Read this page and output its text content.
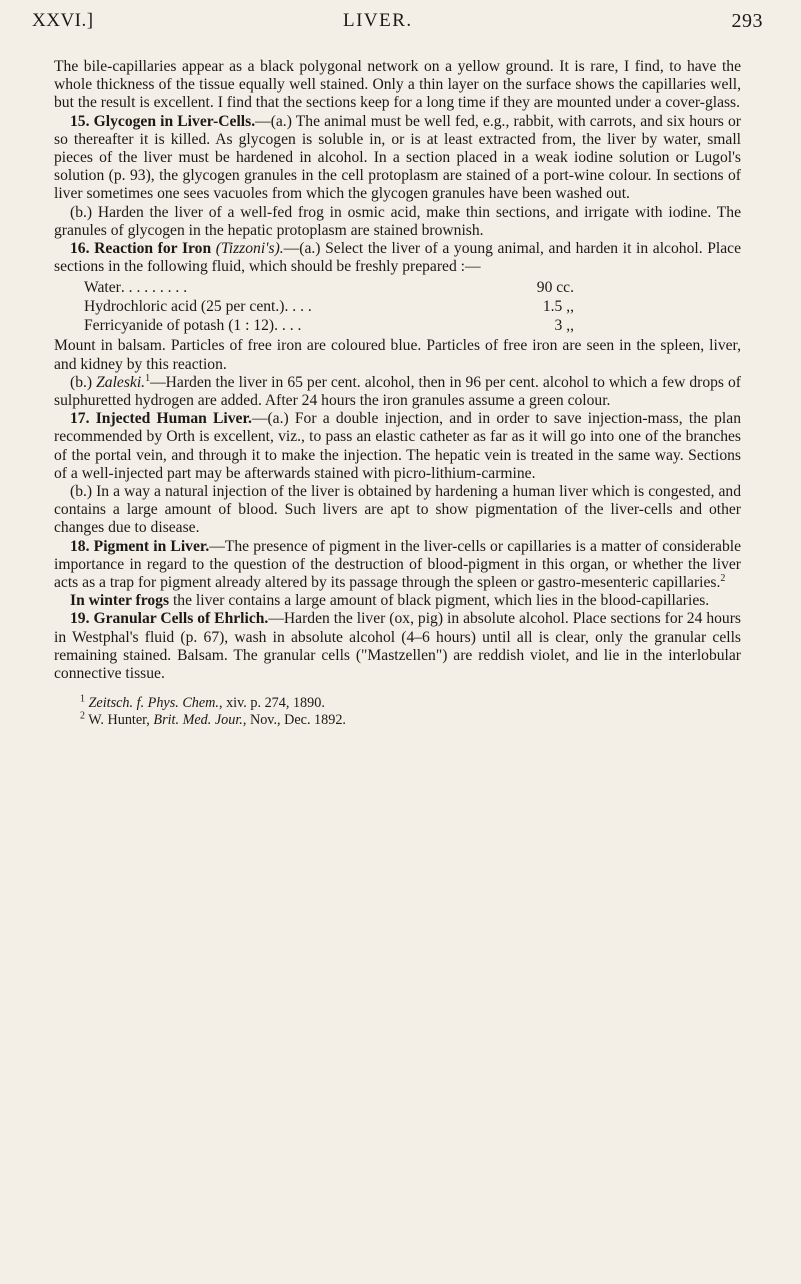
XXVI.]	LIVER.	293

The bile-capillaries appear as a black polygonal network on a yellow ground. It is rare, I find, to have the whole thickness of the tissue equally well stained. Only a thin layer on the surface shows the capillaries well, but the result is excellent. I find that the sections keep for a long time if they are mounted under a cover-glass.

15. Glycogen in Liver-Cells.—(a.) The animal must be well fed, e.g., rabbit, with carrots, and six hours or so thereafter it is killed. As glycogen is soluble in, or is at least extracted from, the liver by water, small pieces of the liver must be hardened in alcohol. In a section placed in a weak iodine solution or Lugol's solution (p. 93), the glycogen granules in the cell protoplasm are stained of a port-wine colour. In sections of liver sometimes one sees vacuoles from which the glycogen granules have been washed out.

(b.) Harden the liver of a well-fed frog in osmic acid, make thin sections, and irrigate with iodine. The granules of glycogen in the hepatic protoplasm are stained brownish.

16. Reaction for Iron (Tizzoni's).—(a.) Select the liver of a young animal, and harden it in alcohol. Place sections in the following fluid, which should be freshly prepared :—

Water . . . . . . . . .	90 cc.
Hydrochloric acid (25 per cent.) . . . .	1.5 ,,
Ferricyanide of potash (1 : 12) . . . .	3 ,,

Mount in balsam. Particles of free iron are coloured blue. Particles of free iron are seen in the spleen, liver, and kidney by this reaction.

(b.) Zaleski.$^1$—Harden the liver in 65 per cent. alcohol, then in 96 per cent. alcohol to which a few drops of sulphuretted hydrogen are added. After 24 hours the iron granules assume a green colour.

17. Injected Human Liver.—(a.) For a double injection, and in order to save injection-mass, the plan recommended by Orth is excellent, viz., to pass an elastic catheter as far as it will go into one of the branches of the portal vein, and through it to make the injection. The hepatic vein is treated in the same way. Sections of a well-injected part may be afterwards stained with picro-lithium-carmine.

(b.) In a way a natural injection of the liver is obtained by hardening a human liver which is congested, and contains a large amount of blood. Such livers are apt to show pigmentation of the liver-cells and other changes due to disease.

18. Pigment in Liver.—The presence of pigment in the liver-cells or capillaries is a matter of considerable importance in regard to the question of the destruction of blood-pigment in this organ, or whether the liver acts as a trap for pigment already altered by its passage through the spleen or gastro-mesenteric capillaries.$^2$

In winter frogs the liver contains a large amount of black pigment, which lies in the blood-capillaries.

19. Granular Cells of Ehrlich.—Harden the liver (ox, pig) in absolute alcohol. Place sections for 24 hours in Westphal's fluid (p. 67), wash in absolute alcohol (4–6 hours) until all is clear, only the granular cells remaining stained. Balsam. The granular cells ("Mastzellen") are reddish violet, and lie in the interlobular connective tissue.

$^1$ Zeitsch. f. Phys. Chem., xiv. p. 274, 1890.

$^2$ W. Hunter, Brit. Med. Jour., Nov., Dec. 1892.
